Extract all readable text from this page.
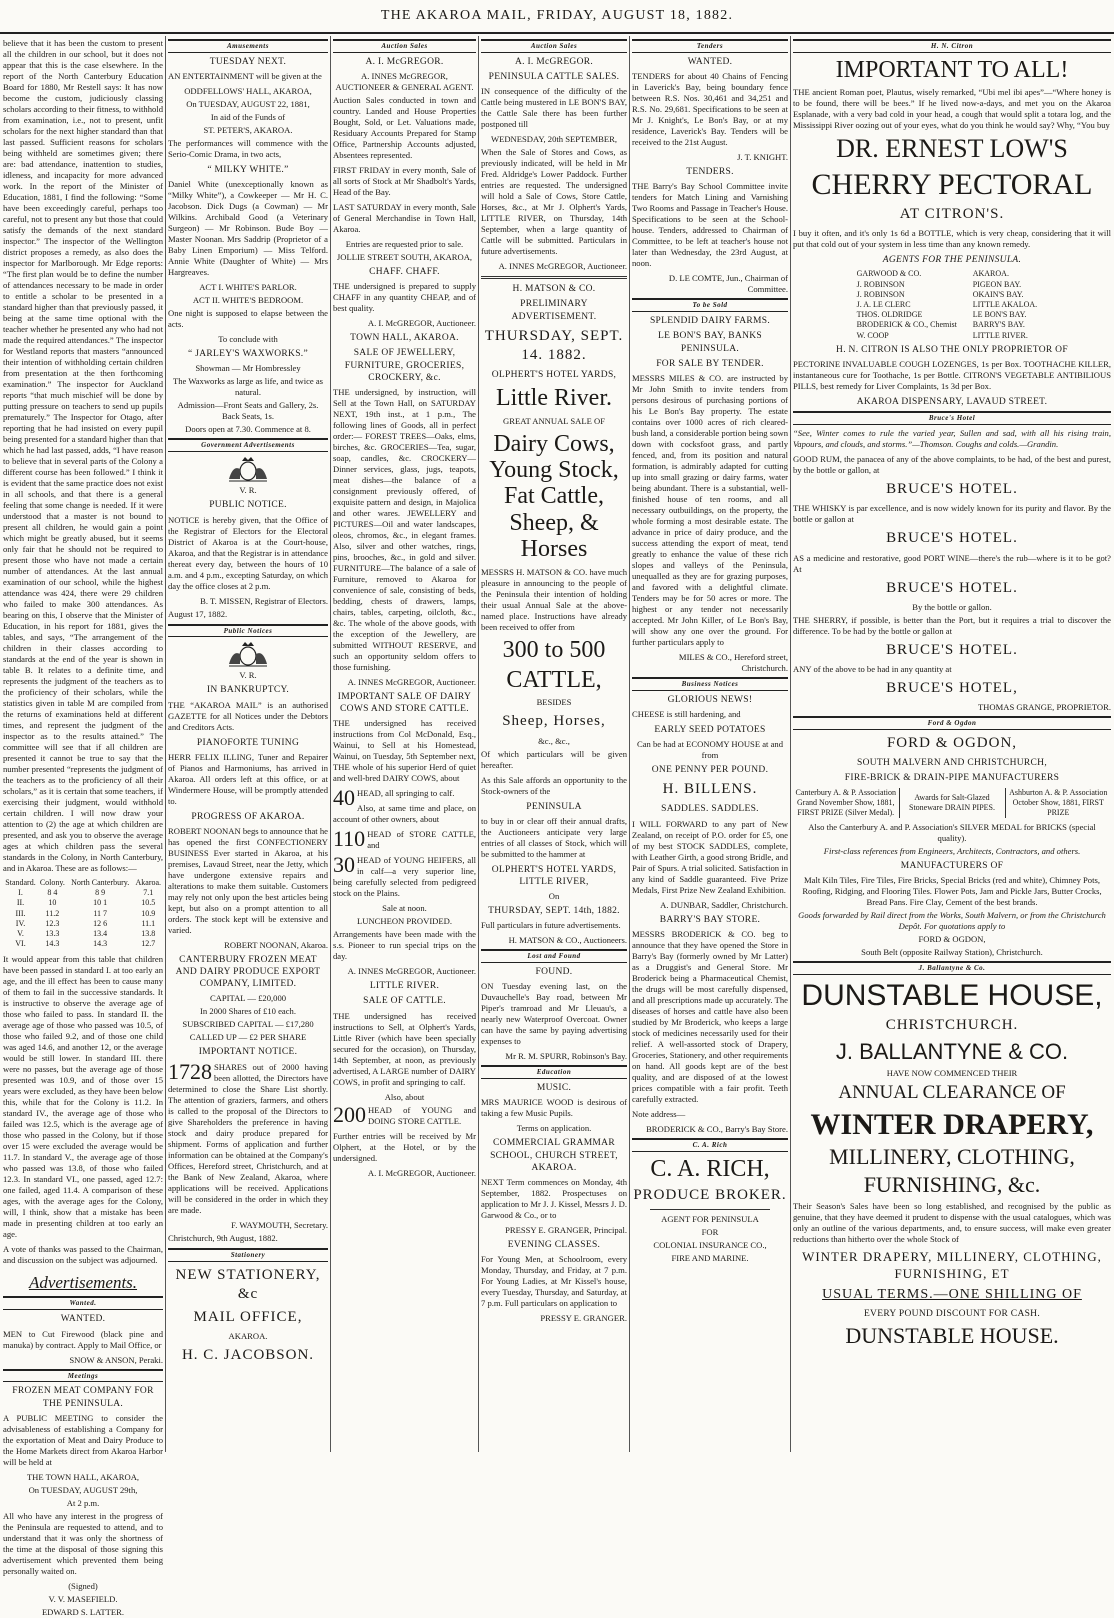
THE AKAROA MAIL, FRIDAY, AUGUST 18, 1882.
believe that it has been the custom to present all the children in our school, but it does not appear that this is the case elsewhere. In the report of the North Canterbury Education Board for 1880, Mr Restell says: It has now become the custom, judiciously classing scholars according to their fitness, to withhold from examination, i.e., not to present, unfit scholars for the next higher standard than that last passed. Sufficient reasons for scholars being withheld are sometimes given; there are: bad attendance, inattention to studies, idleness, and incapacity for more advanced work. In the report of the Minister of Education, 1881, I find the following: “Some have been exceedingly careful, perhaps too careful, not to present any but those that could satisfy the demands of the next standard inspector.” The inspector of the Wellington district proposes a remedy, as also does the inspector for Marlborough. Mr Edge reports: “The first plan would be to define the number of attendances necessary to be made in order to entitle a scholar to be presented in a standard higher than that previously passed, it being at the same time optional with the teacher whether he presented any who had not made the required attendances.” The inspector for Westland reports that masters “announced their intention of withholding certain children from presentation at the then forthcoming examination.” The inspector for Auckland reports “that much mischief will be done by putting pressure on teachers to send up pupils prematurely.” The Inspector for Otago, after reporting that he had insisted on every pupil being presented for a standard higher than that which he had last passed, adds, “I have reason to believe that in several parts of the Colony a different course has been followed.” I think it is evident that the same practice does not exist in all schools, and that there is a general feeling that some change is needed. If it were understood that a master is not bound to present all children, he would gain a point which might be greatly abused, but it seems only fair that he should not be required to present those who have not made a certain number of attendances. At the last annual examination of our school, while the highest attendance was 424, there were 29 children who failed to make 300 attendances. As bearing on this, I observe that the Minister of Education, in his report for 1881, gives the tables, and says, “The arrangement of the children in their classes according to standards at the end of the year is shown in table B. It relates to a definite time, and represents the judgment of the teachers as to the proficiency of their scholars, while the statistics given in table M are compiled from the returns of examinations held at different times, and represent the judgment of the inspector as to the results attained.” The committee will see that if all children are presented it cannot be true to say that the number presented “represents the judgment of the teachers as to the proficiency of all their scholars,” as it is certain that some teachers, if exercising their judgment, would withhold certain children. I will now draw your attention to (2) the age at which children are presented, and ask you to observe the average ages at which children pass the several standards in the Colony, in North Canterbury, and in Akaroa. These are as follows:—
Standard.	Colony.	North Canterbury.	Akaroa.
I.	8 4	8 9	7.1
II.	10	10 1	10.5
III.	11.2	11 7	10.9
IV.	12.3	12 6	11.1
V.	13.3	13.4	13.8
VI.	14.3	14.3	12.7
It would appear from this table that children have been passed in standard I. at too early an age, and the ill effect has been to cause many of them to fail in the successive standards. It is instructive to observe the average age of those who failed to pass. In standard II. the average age of those who passed was 10.5, of those who failed 9.2, and of those one child was aged 14.6, and another 12, or the average would be still lower. In standard III. there were no passes, but the average age of those presented was 10.9, and of those over 15 years were excluded, as they have been below this, while that for the Colony is 11.2. In standard IV., the average age of those who failed was 12.5, which is the average age of those who passed in the Colony, but if those over 15 were excluded the average would be 11.7. In standard V., the average age of those who passed was 13.8, of those who failed 12.3. In standard VI., one passed, aged 12.7: one failed, aged 11.4. A comparison of these ages, with the average ages for the Colony, will, I think, show that a mistake has been made in presenting children at too early an age.
A vote of thanks was passed to the Chairman, and discussion on the subject was adjourned.
Advertisements.
Wanted.
WANTED.
MEN to Cut Firewood (black pine and manuka) by contract. Apply to Mail Office, or
SNOW & ANSON, Peraki.
Meetings
FROZEN MEAT COMPANY FOR THE PENINSULA.
A PUBLIC MEETING to consider the advisableness of establishing a Company for the exportation of Meat and Dairy Produce to the Home Markets direct from Akaroa Harbor will be held at
THE TOWN HALL, AKAROA,
On TUESDAY, AUGUST 29th,
At 2 p.m.
All who have any interest in the progress of the Peninsula are requested to attend, and to understand that it was only the shortness of the time at the disposal of those signing this advertisement which prevented them being personally waited on.
(Signed)
V. V. MASEFIELD.
EDWARD S. LATTER.
Amusements
TUESDAY NEXT.
AN ENTERTAINMENT will be given at the
ODDFELLOWS' HALL, AKAROA,
On TUESDAY, AUGUST 22, 1881,
In aid of the Funds of
ST. PETER'S, AKAROA.
The performances will commence with the Serio-Comic Drama, in two acts,
“ MILKY WHITE.”
Daniel White (unexceptionally known as “Milky White”), a Cowkeeper — Mr H. C. Jacobson. Dick Dugs (a Cowman) — Mr Wilkins. Archibald Good (a Veterinary Surgeon) — Mr Robinson. Bude Boy — Master Noonan. Mrs Saddrip (Proprietor of a Baby Linen Emporium) — Miss Telford. Annie White (Daughter of White) — Mrs Hargreaves.
ACT I. WHITE'S PARLOR.
ACT II. WHITE'S BEDROOM.
One night is supposed to elapse between the acts.
To conclude with
“ JARLEY'S WAXWORKS.”
Showman — Mr Hombressley
The Waxworks as large as life, and twice as natural.
Admission—Front Seats and Gallery, 2s. Back Seats, 1s.
Doors open at 7.30. Commence at 8.
Government Advertisements
V. R.
PUBLIC NOTICE.
NOTICE is hereby given, that the Office of the Registrar of Electors for the Electoral District of Akaroa is at the Court-house, Akaroa, and that the Registrar is in attendance thereat every day, between the hours of 10 a.m. and 4 p.m., excepting Saturday, on which day the office closes at 2 p.m.
B. T. MISSEN, Registrar of Electors.
August 17, 1882.
Public Notices
V. R.
IN BANKRUPTCY.
THE “AKAROA MAIL” is an authorised GAZETTE for all Notices under the Debtors and Creditors Acts.
PIANOFORTE TUNING
HERR FELIX ILLING, Tuner and Repairer of Pianos and Harmoniums, has arrived in Akaroa. All orders left at this office, or at Windermere House, will be promptly attended to.
PROGRESS OF AKAROA.
ROBERT NOONAN begs to announce that he has opened the first CONFECTIONERY BUSINESS Ever started in Akaroa, at his premises, Lavaud Street, near the Jetty, which have undergone extensive repairs and alterations to make them suitable. Customers may rely not only upon the best articles being kept, but also on a prompt attention to all orders. The stock kept will be extensive and varied.
ROBERT NOONAN, Akaroa.
CANTERBURY FROZEN MEAT AND DAIRY PRODUCE EXPORT COMPANY, LIMITED.
CAPITAL — £20,000
In 2000 Shares of £10 each.
SUBSCRIBED CAPITAL — £17,280
CALLED UP — £2 PER SHARE
IMPORTANT NOTICE.
1728 SHARES out of 2000 having been allotted, the Directors have determined to close the Share List shortly. The attention of graziers, farmers, and others is called to the proposal of the Directors to give Shareholders the preference in having stock and dairy produce prepared for shipment. Forms of application and further information can be obtained at the Company's Offices, Hereford street, Christchurch, and at the Bank of New Zealand, Akaroa, where applications will be received. Applications will be considered in the order in which they are made.
F. WAYMOUTH, Secretary.
Christchurch, 9th August, 1882.
Stationery
NEW STATIONERY, &c
MAIL OFFICE,
AKAROA.
H. C. JACOBSON.
Auction Sales
A. I. McGREGOR.
A. INNES McGREGOR, AUCTIONEER & GENERAL AGENT.
Auction Sales conducted in town and country. Landed and House Properties Bought, Sold, or Let. Valuations made, Residuary Accounts Prepared for Stamp Office, Partnership Accounts adjusted, Absentees represented.
FIRST FRIDAY in every month, Sale of all sorts of Stock at Mr Shadbolt's Yards, Head of the Bay.
LAST SATURDAY in every month, Sale of General Merchandise in Town Hall, Akaroa.
Entries are requested prior to sale.
JOLLIE STREET SOUTH, AKAROA,
CHAFF. CHAFF.
THE undersigned is prepared to supply CHAFF in any quantity CHEAP, and of best quality.
A. I. McGREGOR, Auctioneer.
TOWN HALL, AKAROA.
SALE OF JEWELLERY, FURNITURE, GROCERIES, CROCKERY, &c.
THE undersigned, by instruction, will Sell at the Town Hall, on SATURDAY NEXT, 19th inst., at 1 p.m., The following lines of Goods, all in perfect order:— FOREST TREES—Oaks, elms, birches, &c. GROCERIES—Tea, sugar, soap, candles, &c. CROCKERY—Dinner services, glass, jugs, teapots, meat dishes—the balance of a consignment previously offered, of exquisite pattern and design, in Majolica and other wares. JEWELLERY and PICTURES—Oil and water landscapes, oleos, chromos, &c., in elegant frames. Also, silver and other watches, rings, pins, brooches, &c., in gold and silver. FURNITURE—The balance of a sale of Furniture, removed to Akaroa for convenience of sale, consisting of beds, bedding, chests of drawers, lamps, chairs, tables, carpeting, oilcloth, &c., &c. The whole of the above goods, with the exception of the Jewellery, are submitted WITHOUT RESERVE, and such an opportunity seldom offers to those furnishing.
A. INNES McGREGOR, Auctioneer.
IMPORTANT SALE OF DAIRY COWS AND STORE CATTLE.
THE undersigned has received instructions from Col McDonald, Esq., Wainui, to Sell at his Homestead, Wainui, on Tuesday, 5th September next, THE whole of his superior Herd of quiet and well-bred DAIRY COWS, about
40 HEAD, all springing to calf.
Also, at same time and place, on account of other owners, about
110 HEAD of STORE CATTLE, and
30 HEAD of YOUNG HEIFERS, all in calf—a very superior line, being carefully selected from pedigreed stock on the Plains.
Sale at noon.
LUNCHEON PROVIDED.
Arrangements have been made with the s.s. Pioneer to run special trips on the day.
A. INNES McGREGOR, Auctioneer.
LITTLE RIVER.
SALE OF CATTLE.
THE undersigned has received instructions to Sell, at Olphert's Yards, Little River (which have been specially secured for the occasion), on Thursday, 14th September, at noon, as previously advertised, A LARGE number of DAIRY COWS, in profit and springing to calf.
Also, about
200 HEAD of YOUNG and DOING STORE CATTLE.
Further entries will be received by Mr Olphert, at the Hotel, or by the undersigned.
A. I. McGREGOR, Auctioneer.
Auction Sales
A. I. McGREGOR.
PENINSULA CATTLE SALES.
IN consequence of the difficulty of the Cattle being mustered in LE BON'S BAY, the Cattle Sale there has been further postponed till
WEDNESDAY, 20th SEPTEMBER,
When the Sale of Stores and Cows, as previously indicated, will be held in Mr Fred. Aldridge's Lower Paddock. Further entries are requested. The undersigned will hold a Sale of Cows, Store Cattle, Horses, &c., at Mr J. Olphert's Yards, LITTLE RIVER, on Thursday, 14th September, when a large quantity of Cattle will be submitted. Particulars in future advertisements.
A. INNES McGREGOR, Auctioneer.
H. MATSON & CO.
PRELIMINARY ADVERTISEMENT.
THURSDAY, SEPT. 14. 1882.
OLPHERT'S HOTEL YARDS,
Little River.
GREAT ANNUAL SALE OF
Dairy Cows, Young Stock, Fat Cattle, Sheep, & Horses
MESSRS H. MATSON & CO. have much pleasure in announcing to the people of the Peninsula their intention of holding their usual Annual Sale at the above-named place. Instructions have already been received to offer from
300 to 500
CATTLE,
BESIDES
Sheep, Horses,
&c., &c.,
Of which particulars will be given hereafter.
As this Sale affords an opportunity to the Stock-owners of the
PENINSULA
to buy in or clear off their annual drafts, the Auctioneers anticipate very large entries of all classes of Stock, which will be submitted to the hammer at
OLPHERT'S HOTEL YARDS, LITTLE RIVER,
On
THURSDAY, SEPT. 14th, 1882.
Full particulars in future advertisements.
H. MATSON & CO., Auctioneers.
Lost and Found
FOUND.
ON Tuesday evening last, on the Duvauchelle's Bay road, between Mr Piper's tramroad and Mr Lleuau's, a nearly new Waterproof Overcoat. Owner can have the same by paying advertising expenses to
Mr R. M. SPURR, Robinson's Bay.
Education
MUSIC.
MRS MAURICE WOOD is desirous of taking a few Music Pupils.
Terms on application.
COMMERCIAL GRAMMAR SCHOOL, CHURCH STREET, AKAROA.
NEXT Term commences on Monday, 4th September, 1882. Prospectuses on application to Mr J. J. Kissel, Messrs J. D. Garwood & Co., or to
PRESSY E. GRANGER, Principal.
EVENING CLASSES.
For Young Men, at Schoolroom, every Monday, Thursday, and Friday, at 7 p.m. For Young Ladies, at Mr Kissel's house, every Tuesday, Thursday, and Saturday, at 7 p.m. Full particulars on application to
PRESSY E. GRANGER.
Tenders
WANTED.
TENDERS for about 40 Chains of Fencing in Laverick's Bay, being boundary fence between R.S. Nos. 30,461 and 34,251 and R.S. No. 29,681. Specifications to be seen at Mr J. Knight's, Le Bon's Bay, or at my residence, Laverick's Bay. Tenders will be received to the 21st August.
J. T. KNIGHT.
TENDERS.
THE Barry's Bay School Committee invite tenders for Match Lining and Varnishing Two Rooms and Passage in Teacher's House. Specifications to be seen at the School-house. Tenders, addressed to Chairman of Committee, to be left at teacher's house not later than Wednesday, the 23rd August, at noon.
D. LE COMTE, Jun., Chairman of Committee.
To be Sold
SPLENDID DAIRY FARMS.
LE BON'S BAY, BANKS PENINSULA.
FOR SALE BY TENDER.
MESSRS MILES & CO. are instructed by Mr John Smith to invite tenders from persons desirous of purchasing portions of his Le Bon's Bay property. The estate contains over 1000 acres of rich cleared-bush land, a considerable portion being sown down with cocksfoot grass, and partly fenced, and, from its position and natural formation, is admirably adapted for cutting up into small grazing or dairy farms, water being abundant. There is a substantial, well-finished house of ten rooms, and all necessary outbuildings, on the property, the whole forming a most desirable estate. The advance in price of dairy produce, and the success attending the export of meat, tend greatly to enhance the value of these rich slopes and valleys of the Peninsula, unequalled as they are for grazing purposes, and favored with a delightful climate. Tenders may be for 50 acres or more. The highest or any tender not necessarily accepted. Mr John Killer, of Le Bon's Bay, will show any one over the ground. For further particulars apply to
MILES & CO., Hereford street, Christchurch.
Business Notices
GLORIOUS NEWS!
CHEESE is still hardening, and
EARLY SEED POTATOES
Can be had at ECONOMY HOUSE at and from
ONE PENNY PER POUND.
H. BILLENS.
SADDLES. SADDLES.
I WILL FORWARD to any part of New Zealand, on receipt of P.O. order for £5, one of my best STOCK SADDLES, complete, with Leather Girth, a good strong Bridle, and Pair of Spurs. A trial solicited. Satisfaction in any kind of Saddle guaranteed. Five Prize Medals, First Prize New Zealand Exhibition.
A. DUNBAR, Saddler, Christchurch.
BARRY'S BAY STORE.
MESSRS BRODERICK & CO. beg to announce that they have opened the Store in Barry's Bay (formerly owned by Mr Latter) as a Druggist's and General Store. Mr Broderick being a Pharmaceutical Chemist, the drugs will be most carefully dispensed, and all prescriptions made up accurately. The diseases of horses and cattle have also been studied by Mr Broderick, who keeps a large stock of medicines necessarily used for their relief. A well-assorted stock of Drapery, Groceries, Stationery, and other requirements on hand. All goods kept are of the best quality, and are disposed of at the lowest prices compatible with a fair profit. Teeth carefully extracted.
Note address—
BRODERICK & CO., Barry's Bay Store.
C. A. Rich
C. A. RICH,
PRODUCE BROKER.
AGENT FOR PENINSULA
FOR
COLONIAL INSURANCE CO.,
FIRE AND MARINE.
H. N. Citron
IMPORTANT TO ALL!
THE ancient Roman poet, Plautus, wisely remarked, “Ubi mel ibi apes”—“Where honey is to be found, there will be bees.” If he lived now-a-days, and met you on the Akaroa Esplanade, with a very bad cold in your head, a cough that would split a totara log, and the Mississippi River oozing out of your eyes, what do you think he would say? Why, “You buy
DR. ERNEST LOW'S
CHERRY PECTORAL
AT CITRON'S.
I buy it often, and it's only 1s 6d a BOTTLE, which is very cheap, considering that it will put that cold out of your system in less time than any known remedy.
AGENTS FOR THE PENINSULA.
GARWOOD & CO.	AKAROA.
J. ROBINSON	PIGEON BAY.
J. ROBINSON	OKAIN'S BAY.
J. A. LE CLERC	LITTLE AKALOA.
THOS. OLDRIDGE	LE BON'S BAY.
BRODERICK & CO., Chemist	BARRY'S BAY.
W. COOP	LITTLE RIVER.
H. N. CITRON IS ALSO THE ONLY PROPRIETOR OF
PECTORINE INVALUABLE COUGH LOZENGES, 1s per Box. TOOTHACHE KILLER, instantaneous cure for Toothache, 1s per Bottle. CITRON'S VEGETABLE ANTIBILIOUS PILLS, best remedy for Liver Complaints, 1s 3d per Box.
AKAROA DISPENSARY, LAVAUD STREET.
Bruce's Hotel
“See, Winter comes to rule the varied year, Sullen and sad, with all his rising train, Vapours, and clouds, and storms.”—Thomson. Coughs and colds.—Grandin.
GOOD RUM, the panacea of any of the above complaints, to be had, of the best and purest, by the bottle or gallon, at
BRUCE'S HOTEL.
THE WHISKY is par excellence, and is now widely known for its purity and flavor. By the bottle or gallon at
BRUCE'S HOTEL.
AS a medicine and restorative, good PORT WINE—there's the rub—where is it to be got? At
BRUCE'S HOTEL.
By the bottle or gallon.
THE SHERRY, if possible, is better than the Port, but it requires a trial to discover the difference. To be had by the bottle or gallon at
BRUCE'S HOTEL.
ANY of the above to be had in any quantity at
BRUCE'S HOTEL,
THOMAS GRANGE, PROPRIETOR.
Ford & Ogdon
FORD & OGDON,
SOUTH MALVERN AND CHRISTCHURCH,
FIRE-BRICK & DRAIN-PIPE MANUFACTURERS
Canterbury A. & P. Association Grand November Show, 1881, FIRST PRIZE (Silver Medal).	Awards for Salt-Glazed Stoneware DRAIN PIPES.	Ashburton A. & P. Association October Show, 1881, FIRST PRIZE
Also the Canterbury A. and P. Association's SILVER MEDAL for BRICKS (special quality).
First-class references from Engineers, Architects, Contractors, and others.
MANUFACTURERS OF
Malt Kiln Tiles, Fire Tiles, Fire Bricks, Special Bricks (red and white), Chimney Pots, Roofing, Ridging, and Flooring Tiles. Flower Pots, Jam and Pickle Jars, Butter Crocks, Bread Pans. Fire Clay, Cement of the best brands.
Goods forwarded by Rail direct from the Works, South Malvern, or from the Christchurch Depôt. For quotations apply to
FORD & OGDON,
South Belt (opposite Railway Station), Christchurch.
J. Ballantyne & Co.
DUNSTABLE HOUSE,
CHRISTCHURCH.
J. BALLANTYNE & CO.
HAVE NOW COMMENCED THEIR
ANNUAL CLEARANCE OF
WINTER DRAPERY,
MILLINERY, CLOTHING,
FURNISHING, &c.
Their Season's Sales have been so long established, and recognised by the public as genuine, that they have deemed it prudent to dispense with the usual catalogues, which was only an outline of the various departments, and, to ensure success, will make even greater reductions than hitherto over the whole Stock of
WINTER DRAPERY, MILLINERY, CLOTHING, FURNISHING, ET
USUAL TERMS.—ONE SHILLING OF
EVERY POUND DISCOUNT FOR CASH.
DUNSTABLE HOUSE.
